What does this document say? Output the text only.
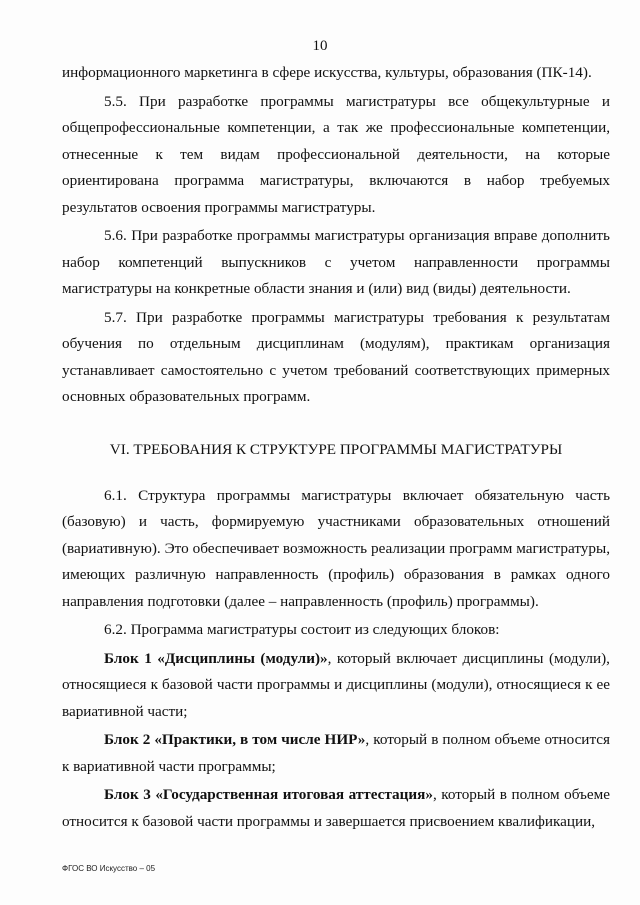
10

информационного маркетинга в сфере искусства, культуры, образования (ПК-14).

5.5. При разработке программы магистратуры все общекультурные и общепрофессиональные компетенции, а так же профессиональные компетенции, отнесенные к тем видам профессиональной деятельности, на которые ориентирована программа магистратуры, включаются в набор требуемых результатов освоения программы магистратуры.

5.6. При разработке программы магистратуры организация вправе дополнить набор компетенций выпускников с учетом направленности программы магистратуры на конкретные области знания и (или) вид (виды) деятельности.

5.7. При разработке программы магистратуры требования к результатам обучения по отдельным дисциплинам (модулям), практикам организация устанавливает самостоятельно с учетом требований соответствующих примерных основных образовательных программ.

VI. ТРЕБОВАНИЯ К СТРУКТУРЕ ПРОГРАММЫ МАГИСТРАТУРЫ

6.1. Структура программы магистратуры включает обязательную часть (базовую) и часть, формируемую участниками образовательных отношений (вариативную). Это обеспечивает возможность реализации программ магистратуры, имеющих различную направленность (профиль) образования в рамках одного направления подготовки (далее – направленность (профиль) программы).

6.2. Программа магистратуры состоит из следующих блоков:

Блок 1 «Дисциплины (модули)», который включает дисциплины (модули), относящиеся к базовой части программы и дисциплины (модули), относящиеся к ее вариативной части;

Блок 2 «Практики, в том числе НИР», который в полном объеме относится к вариативной части программы;

Блок 3 «Государственная итоговая аттестация», который в полном объеме относится к базовой части программы и завершается присвоением квалификации,

ФГОС ВО Искусство – 05
